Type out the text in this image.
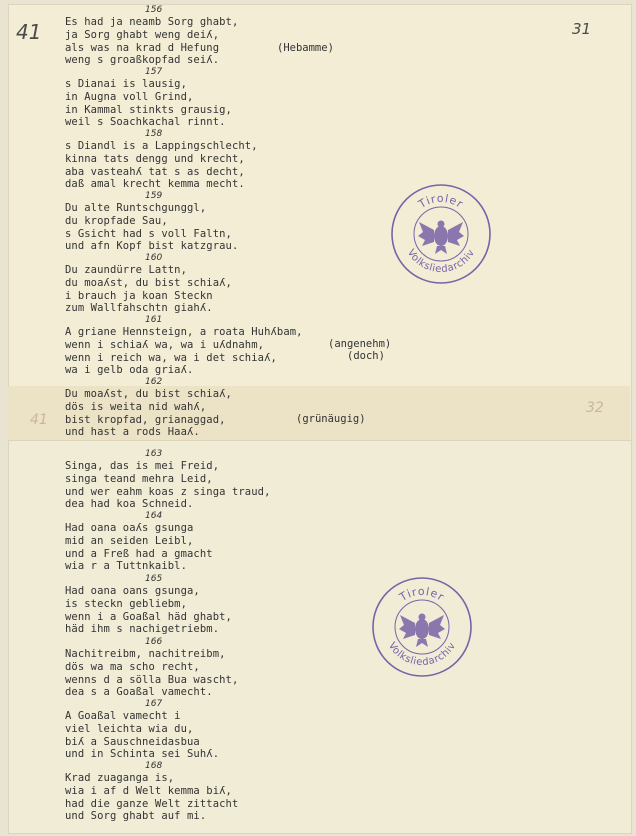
41	31
41
32
156
Es had ja neamb Sorg ghabt,
ja Sorg ghabt weng deiʎ,
als was na krad d Hefung
weng s groaßkopfad seiʎ.
(Hebamme)
157
s Dianai is lausig,
in Augna voll Grind,
in Kammal stinkts grausig,
weil s Soachkachal rinnt.
158
s Diandl is a Lappingschlecht,
kinna tats dengg und krecht,
aba vasteahʎ tat s as decht,
daß amal krecht kemma mecht.
159
Du alte Runtschgunggl,
du kropfade Sau,
s Gsicht had s voll Faltn,
und afn Kopf bist katzgrau.
160
Du zaundürre Lattn,
du moaʎst, du bist schiaʎ,
i brauch ja koan Steckn
zum Wallfahschtn giahʎ.
161
A griane Hennsteign, a roata Huhʎbam,
wenn i schiaʎ wa, wa i uʎdnahm,
wenn i reich wa, wa i det schiaʎ,
wa i gelb oda griaʎ.
(angenehm)
(doch)
162
Du moaʎst, du bist schiaʎ,
dös is weita nid wahʎ,
bist kropfad, grianaggad,
und hast a rods Haaʎ.
(grünäugig)
163
Singa, das is mei Freid,
singa teand mehra Leid,
und wer eahm koas z singa traud,
dea had koa Schneid.
164
Had oana oaʎs gsunga
mid an seiden Leibl,
und a Freß had a gmacht
wia r a Tuttnkaibl.
165
Had oana oans gsunga,
is steckn gebliebm,
wenn i a Goaßal häd ghabt,
häd ihm s nachigetriebm.
166
Nachitreibm, nachitreibm,
dös wa ma scho recht,
wenns d a sölla Bua wascht,
dea s a Goaßal vamecht.
167
A Goaßal vamecht i
viel leichta wia du,
biʎ a Sauschneidasbua
und in Schinta sei Suhʎ.
168
Krad zuaganga is,
wia i af d Welt kemma biʎ,
had die ganze Welt zittacht
und Sorg ghabt auf mi.
Tiroler
Volksliedarchiv
Tiroler
Volksliedarchiv
